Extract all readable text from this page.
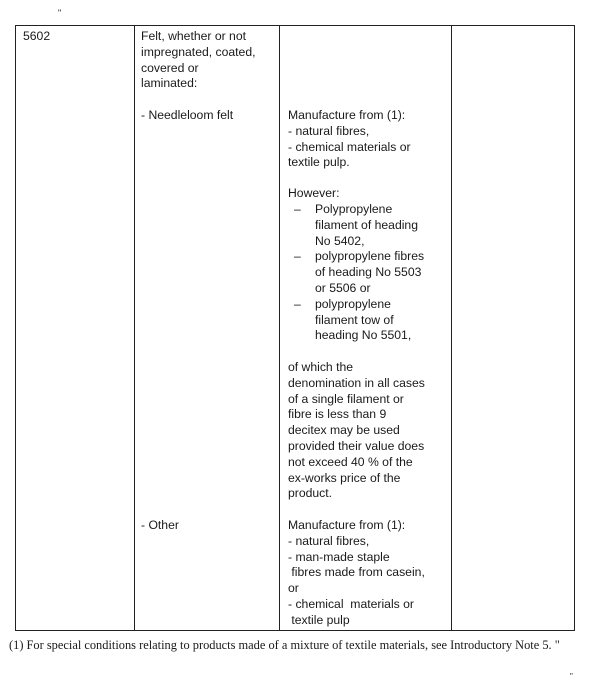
"
5602	Felt, whether or not
impregnated, coated,
covered or
laminated:
- Needleloom felt	Manufacture from (1):
- natural fibres,
- chemical materials or
textile pulp.
However:
– Polypropylene
filament of heading
No 5402,
– polypropylene fibres
of heading No 5503
or 5506 or
– polypropylene
filament tow of
heading No 5501,
of which the
denomination in all cases
of a single filament or
fibre is less than 9
decitex may be used
provided their value does
not exceed 40 % of the
ex-works price of the
product.
- Other	Manufacture from (1):
- natural fibres,
- man-made staple
fibres made from casein,
or
- chemical  materials or
textile pulp
(1) For special conditions relating to products made of a mixture of textile materials, see Introductory Note 5. "
"
